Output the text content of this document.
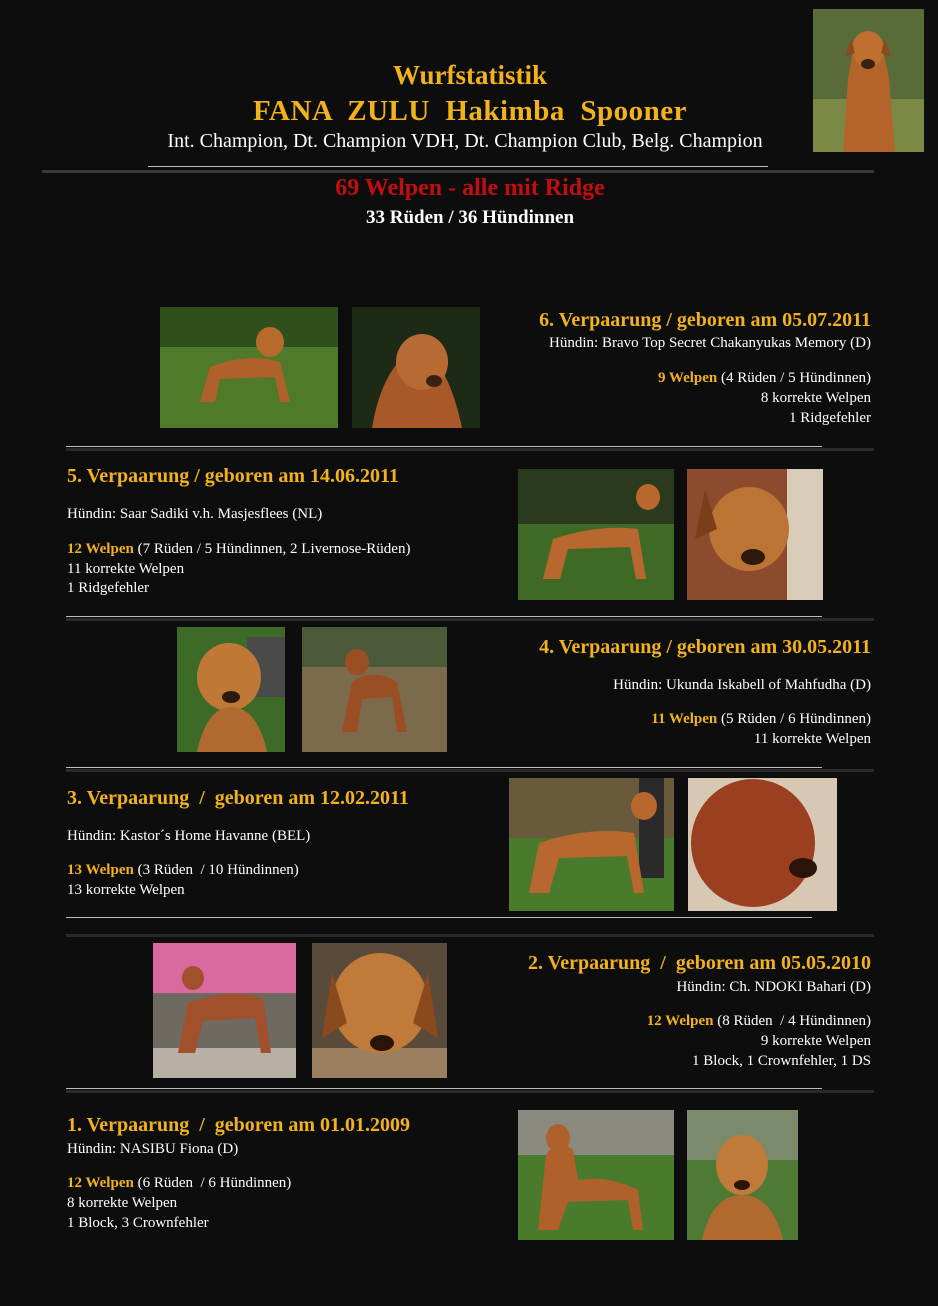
Wurfstatistik
FANA  ZULU  Hakimba  Spooner
Int. Champion, Dt. Champion VDH, Dt. Champion Club, Belg. Champion
69 Welpen - alle mit Ridge
33 Rüden / 36 Hündinnen
6. Verpaarung / geboren am 05.07.2011
Hündin: Bravo Top Secret Chakanyukas Memory (D)
9 Welpen (4 Rüden / 5 Hündinnen)
8 korrekte Welpen
1 Ridgefehler
5. Verpaarung / geboren am 14.06.2011
Hündin: Saar Sadiki v.h. Masjesflees (NL)
12 Welpen (7 Rüden / 5 Hündinnen, 2 Livernose-Rüden)
11 korrekte Welpen
1 Ridgefehler
4. Verpaarung / geboren am 30.05.2011
Hündin: Ukunda Iskabell of Mahfudha (D)
11 Welpen (5 Rüden / 6 Hündinnen)
11 korrekte Welpen
3. Verpaarung  /  geboren am 12.02.2011
Hündin: Kastor´s Home Havanne (BEL)
13 Welpen (3 Rüden  / 10 Hündinnen)
13 korrekte Welpen
2. Verpaarung  /  geboren am 05.05.2010
Hündin: Ch. NDOKI Bahari (D)
12 Welpen (8 Rüden  / 4 Hündinnen)
9 korrekte Welpen
1 Block, 1 Crownfehler, 1 DS
1. Verpaarung  /  geboren am 01.01.2009
Hündin: NASIBU Fiona (D)
12 Welpen (6 Rüden  / 6 Hündinnen)
8 korrekte Welpen
1 Block, 3 Crownfehler
